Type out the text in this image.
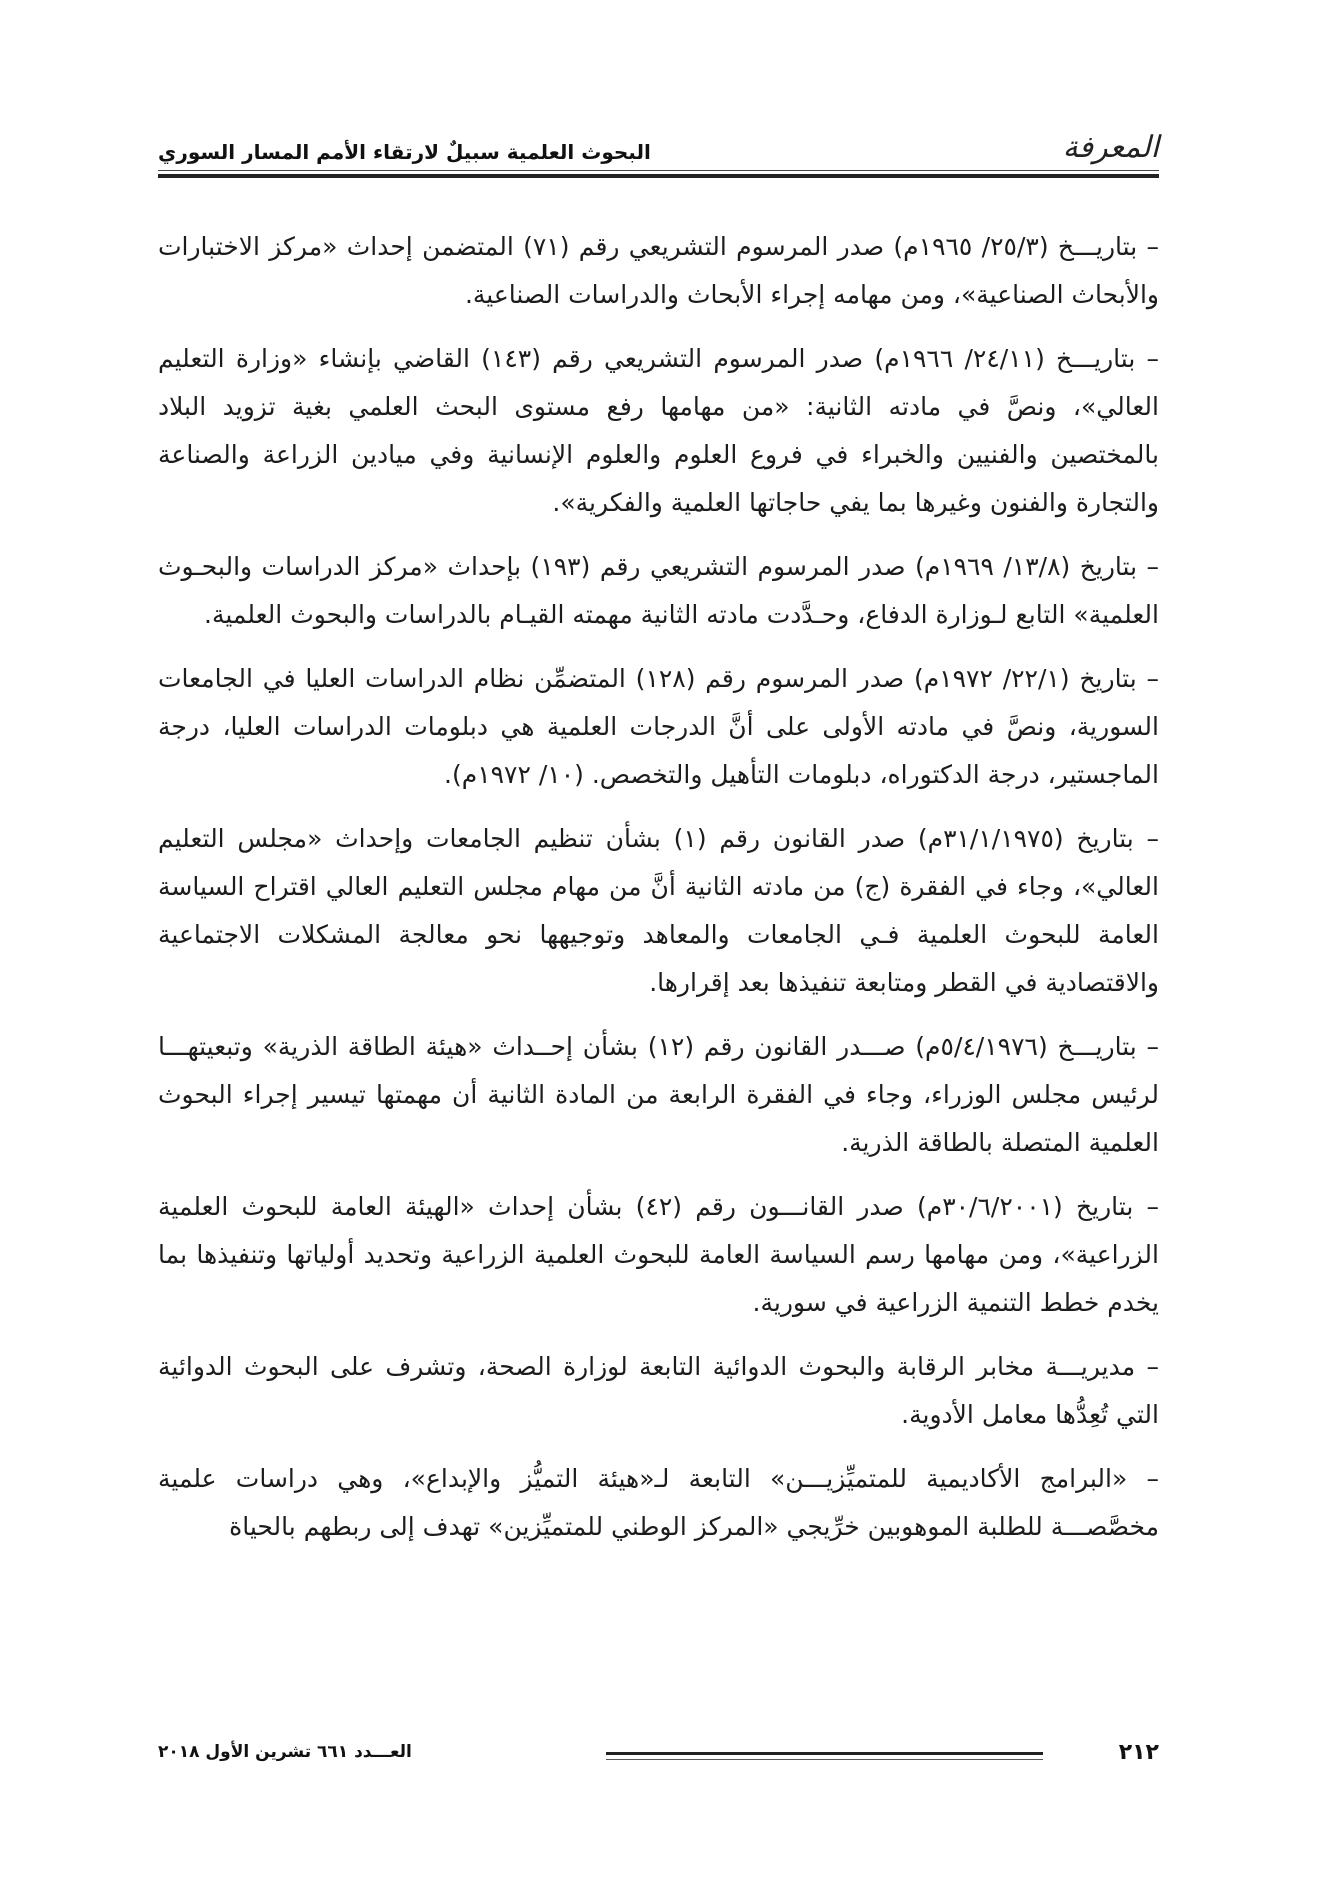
المعرفة
البحوث العلمية سبيلٌ لارتقاء الأمم المسار السوري

– بتاريـــخ (٢٥/٣/ ١٩٦٥م) صدر المرسوم التشريعي رقم (٧١) المتضمن إحداث «مركز الاختبارات والأبحاث الصناعية»، ومن مهامه إجراء الأبحاث والدراسات الصناعية.

– بتاريـــخ (٢٤/١١/ ١٩٦٦م) صدر المرسوم التشريعي رقم (١٤٣) القاضي بإنشاء «وزارة التعليم العالي»، ونصَّ في مادته الثانية: «من مهامها رفع مستوى البحث العلمي بغية تزويد البلاد بالمختصين والفنيين والخبراء في فروع العلوم والعلوم الإنسانية وفي ميادين الزراعة والصناعة والتجارة والفنون وغيرها بما يفي حاجاتها العلمية والفكرية».

– بتاريخ (١٣/٨/ ١٩٦٩م) صدر المرسوم التشريعي رقم (١٩٣) بإحداث «مركز الدراسات والبحـوث العلمية» التابع لـوزارة الدفاع، وحـدَّدت مادته الثانية مهمته القيـام بالدراسات والبحوث العلمية.

– بتاريخ (٢٢/١/ ١٩٧٢م) صدر المرسوم رقم (١٢٨) المتضمِّن نظام الدراسات العليا في الجامعات السورية، ونصَّ في مادته الأولى على أنَّ الدرجات العلمية هي دبلومات الدراسات العليا، درجة الماجستير، درجة الدكتوراه، دبلومات التأهيل والتخصص. (١٠/ ١٩٧٢م).

– بتاريخ (٣١/١/١٩٧٥م) صدر القانون رقم (١) بشأن تنظيم الجامعات وإحداث «مجلس التعليم العالي»، وجاء في الفقرة (ج) من مادته الثانية أنَّ من مهام مجلس التعليم العالي اقتراح السياسة العامة للبحوث العلمية فـي الجامعات والمعاهد وتوجيهها نحو معالجة المشكلات الاجتماعية والاقتصادية في القطر ومتابعة تنفيذها بعد إقرارها.

– بتاريـــخ (٥/٤/١٩٧٦م) صـــدر القانون رقم (١٢) بشأن إحــداث «هيئة الطاقة الذرية» وتبعيتهـــا لرئيس مجلس الوزراء، وجاء في الفقرة الرابعة من المادة الثانية أن مهمتها تيسير إجراء البحوث العلمية المتصلة بالطاقة الذرية.

– بتاريخ (٣٠/٦/٢٠٠١م) صدر القانـــون رقم (٤٢) بشأن إحداث «الهيئة العامة للبحوث العلمية الزراعية»، ومن مهامها رسم السياسة العامة للبحوث العلمية الزراعية وتحديد أولياتها وتنفيذها بما يخدم خطط التنمية الزراعية في سورية.

– مديريـــة مخابر الرقابة والبحوث الدوائية التابعة لوزارة الصحة، وتشرف على البحوث الدوائية التي تُعِدُّها معامل الأدوية.

– «البرامج الأكاديمية للمتميِّزيـــن» التابعة لـ«هيئة التميُّز والإبداع»، وهي دراسات علمية مخصَّصـــة للطلبة الموهوبين خرِّيجي «المركز الوطني للمتميِّزين» تهدف إلى ربطهم بالحياة

٢١٢
العـــدد ٦٦١ تشرين الأول ٢٠١٨
